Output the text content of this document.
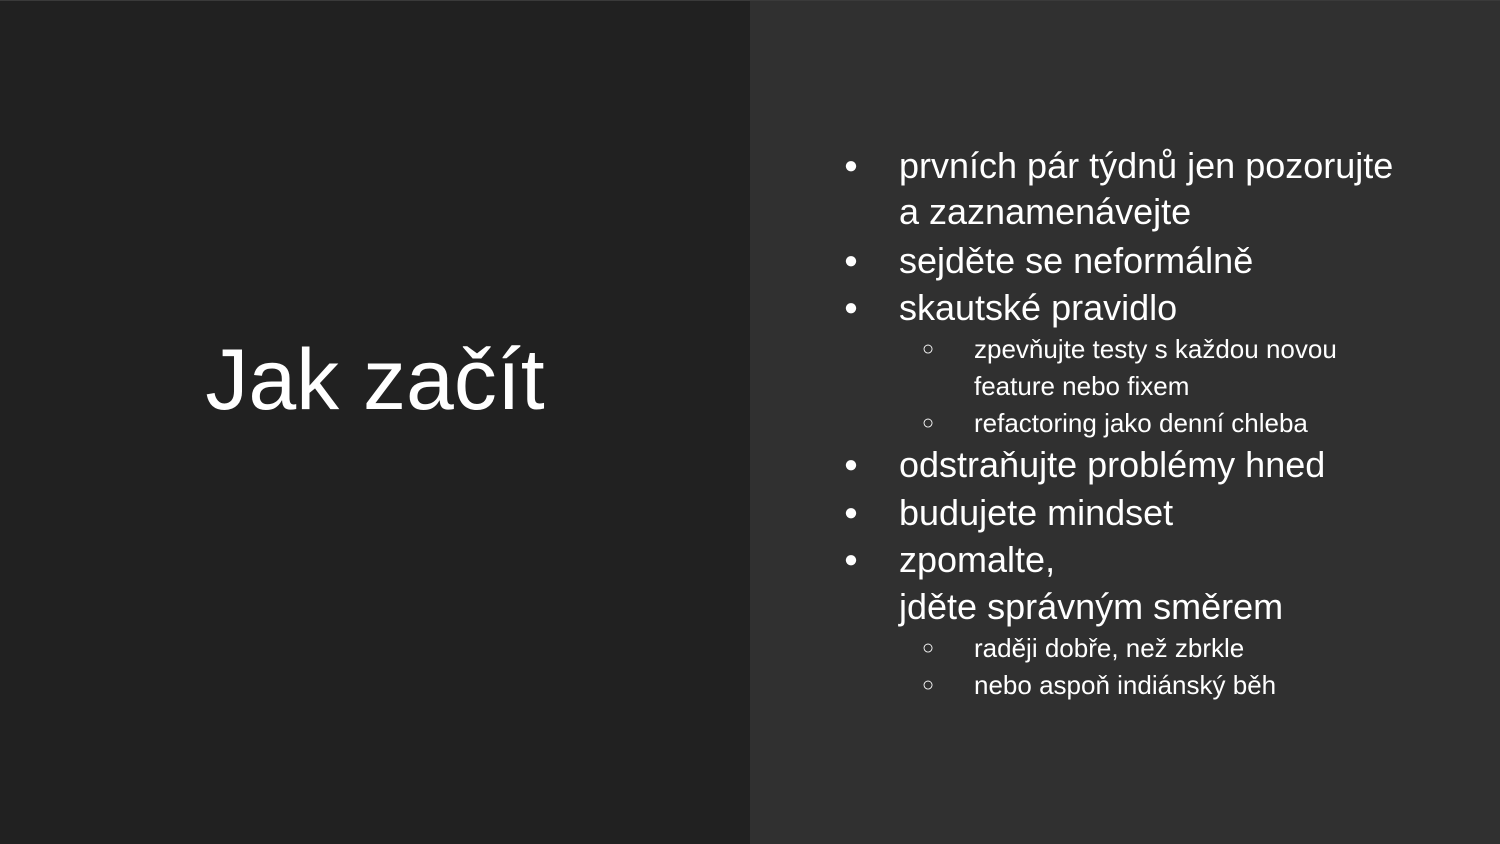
Jak začít
● prvních pár týdnů jen pozorujte
a zaznamenávejte
● sejděte se neformálně
● skautské pravidlo
○ zpevňujte testy s každou novou
feature nebo fixem
○ refactoring jako denní chleba
● odstraňujte problémy hned
● budujete mindset
● zpomalte,
jděte správným směrem
○ raději dobře, než zbrkle
○ nebo aspoň indiánský běh
